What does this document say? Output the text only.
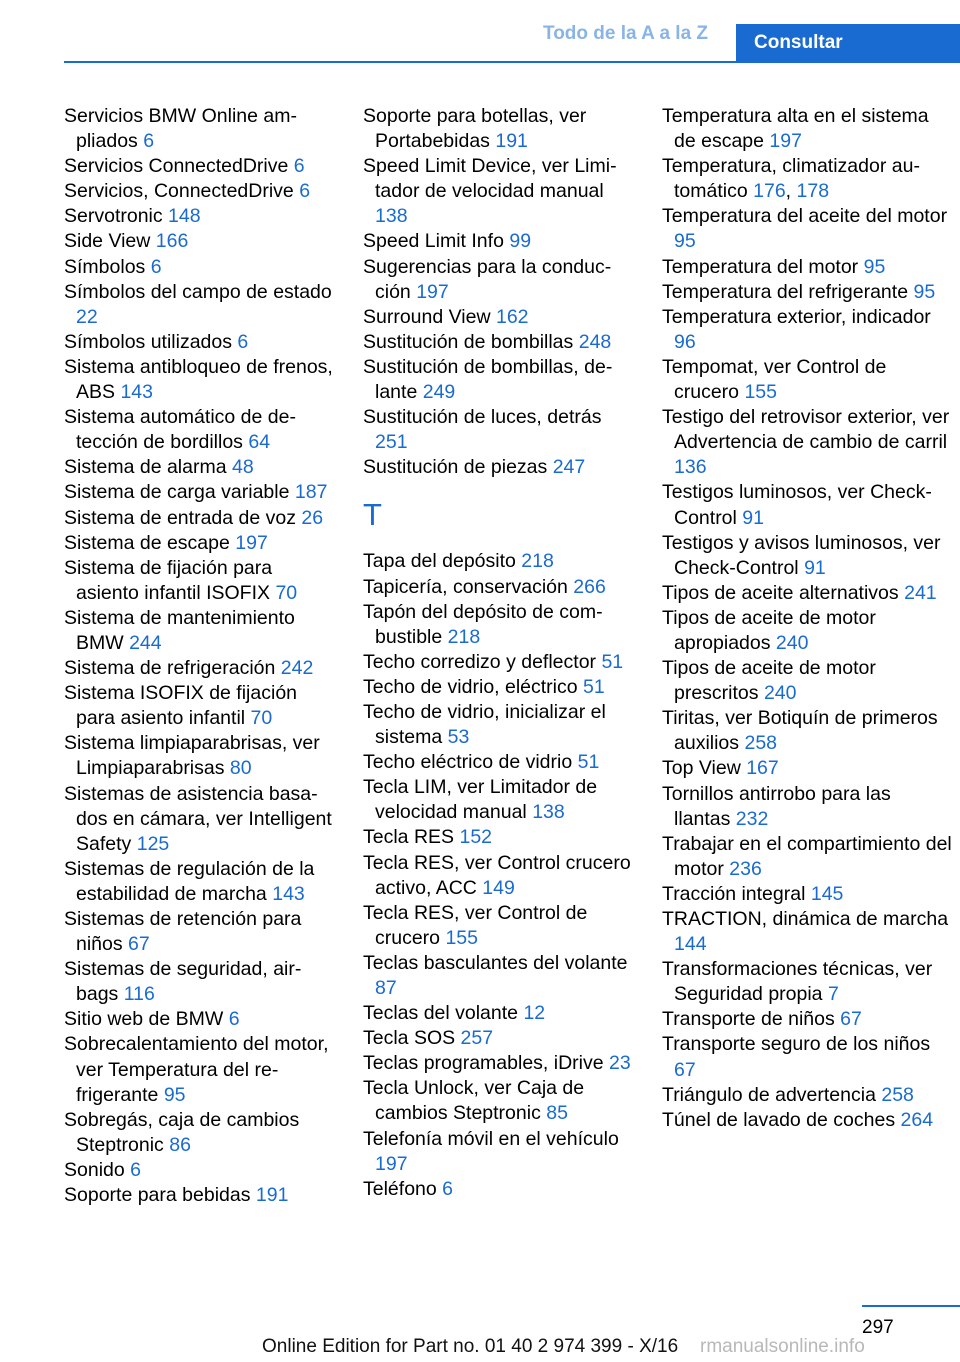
Todo de la A a la Z	Consultar
Servicios BMW Online ampliados 6
Servicios ConnectedDrive 6
Servicios, ConnectedDrive 6
Servotronic 148
Side View 166
Símbolos 6
Símbolos del campo de estado 22
Símbolos utilizados 6
Sistema antibloqueo de frenos, ABS 143
Sistema automático de detección de bordillos 64
Sistema de alarma 48
Sistema de carga variable 187
Sistema de entrada de voz 26
Sistema de escape 197
Sistema de fijación para asiento infantil ISOFIX 70
Sistema de mantenimiento BMW 244
Sistema de refrigeración 242
Sistema ISOFIX de fijación para asiento infantil 70
Sistema limpiaparabrisas, ver Limpiaparabrisas 80
Sistemas de asistencia basados en cámara, ver Intelligent Safety 125
Sistemas de regulación de la estabilidad de marcha 143
Sistemas de retención para niños 67
Sistemas de seguridad, airbags 116
Sitio web de BMW 6
Sobrecalentamiento del motor, ver Temperatura del refrigerante 95
Sobregás, caja de cambios Steptronic 86
Sonido 6
Soporte para bebidas 191
Soporte para botellas, ver Portabebidas 191
Speed Limit Device, ver Limitador de velocidad manual 138
Speed Limit Info 99
Sugerencias para la conducción 197
Surround View 162
Sustitución de bombillas 248
Sustitución de bombillas, delante 249
Sustitución de luces, detrás 251
Sustitución de piezas 247
T
Tapa del depósito 218
Tapicería, conservación 266
Tapón del depósito de combustible 218
Techo corredizo y deflector 51
Techo de vidrio, eléctrico 51
Techo de vidrio, inicializar el sistema 53
Techo eléctrico de vidrio 51
Tecla LIM, ver Limitador de velocidad manual 138
Tecla RES 152
Tecla RES, ver Control crucero activo, ACC 149
Tecla RES, ver Control de crucero 155
Teclas basculantes del volante 87
Teclas del volante 12
Tecla SOS 257
Teclas programables, iDrive 23
Tecla Unlock, ver Caja de cambios Steptronic 85
Telefonía móvil en el vehículo 197
Teléfono 6
Temperatura alta en el sistema de escape 197
Temperatura, climatizador automático 176, 178
Temperatura del aceite del motor 95
Temperatura del motor 95
Temperatura del refrigerante 95
Temperatura exterior, indicador 96
Tempomat, ver Control de crucero 155
Testigo del retrovisor exterior, ver Advertencia de cambio de carril 136
Testigos luminosos, ver Check-Control 91
Testigos y avisos luminosos, ver Check-Control 91
Tipos de aceite alternativos 241
Tipos de aceite de motor apropiados 240
Tipos de aceite de motor prescritos 240
Tiritas, ver Botiquín de primeros auxilios 258
Top View 167
Tornillos antirrobo para las llantas 232
Trabajar en el compartimiento del motor 236
Tracción integral 145
TRACTION, dinámica de marcha 144
Transformaciones técnicas, ver Seguridad propia 7
Transporte de niños 67
Transporte seguro de los niños 67
Triángulo de advertencia 258
Túnel de lavado de coches 264
297
Online Edition for Part no. 01 40 2 974 399 - X/16 rmanualsonline.info
